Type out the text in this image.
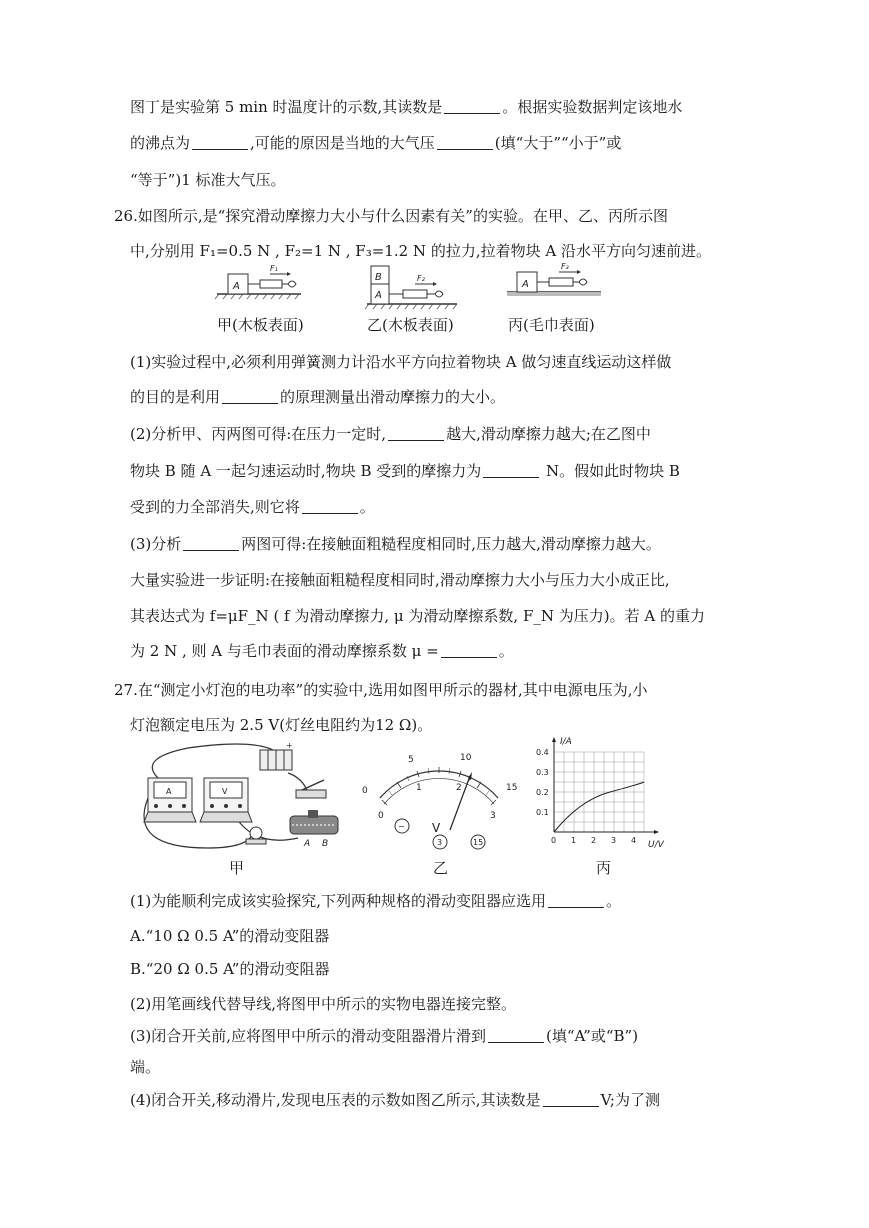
图丁是实验第 5 min 时温度计的示数,其读数是	。根据实验数据判定该地水
的沸点为	,可能的原因是当地的大气压	(填“大于”“小于”或
“等于”)1 标准大气压。
26.如图所示,是“探究滑动摩擦力大小与什么因素有关”的实验。在甲、乙、丙所示图
中,分别用 F₁=0.5 N , F₂=1 N , F₃=1.2 N 的拉力,拉着物块 A 沿水平方向匀速前进。
A
F₁
B
A
F₂
A
F₃
甲(木板表面)	乙(木板表面)	丙(毛巾表面)
(1)实验过程中,必须利用弹簧测力计沿水平方向拉着物块 A 做匀速直线运动这样做
的目的是利用	的原理测量出滑动摩擦力的大小。
(2)分析甲、丙两图可得:在压力一定时,	越大,滑动摩擦力越大;在乙图中
物块 B 随 A 一起匀速运动时,物块 B 受到的摩擦力为	N。假如此时物块 B
受到的力全部消失,则它将	。
(3)分析	两图可得:在接触面粗糙程度相同时,压力越大,滑动摩擦力越大。
大量实验进一步证明:在接触面粗糙程度相同时,滑动摩擦力大小与压力大小成正比,
其表达式为 f=μF_N ( f 为滑动摩擦力, μ 为滑动摩擦系数, F_N 为压力)。若 A 的重力
为 2 N , 则 A 与毛巾表面的滑动摩擦系数 μ =	。
27.在“测定小灯泡的电功率”的实验中,选用如图甲所示的器材,其中电源电压为,小
灯泡额定电压为 2.5 V(灯丝电阻约为12 Ω)。
+
A	V
A B
0
5	10
15
0
1	2
3
V
−
3	15
I/A
U/V
0.4
0.3
0.2
0.1
0 1 2 3 4
甲	乙	丙
(1)为能顺利完成该实验探究,下列两种规格的滑动变阻器应选用	。
A.“10 Ω 0.5 A”的滑动变阻器
B.“20 Ω 0.5 A”的滑动变阻器
(2)用笔画线代替导线,将图甲中所示的实物电器连接完整。
(3)闭合开关前,应将图甲中所示的滑动变阻器滑片滑到	(填“A”或“B”)
端。
(4)闭合开关,移动滑片,发现电压表的示数如图乙所示,其读数是	V;为了测
